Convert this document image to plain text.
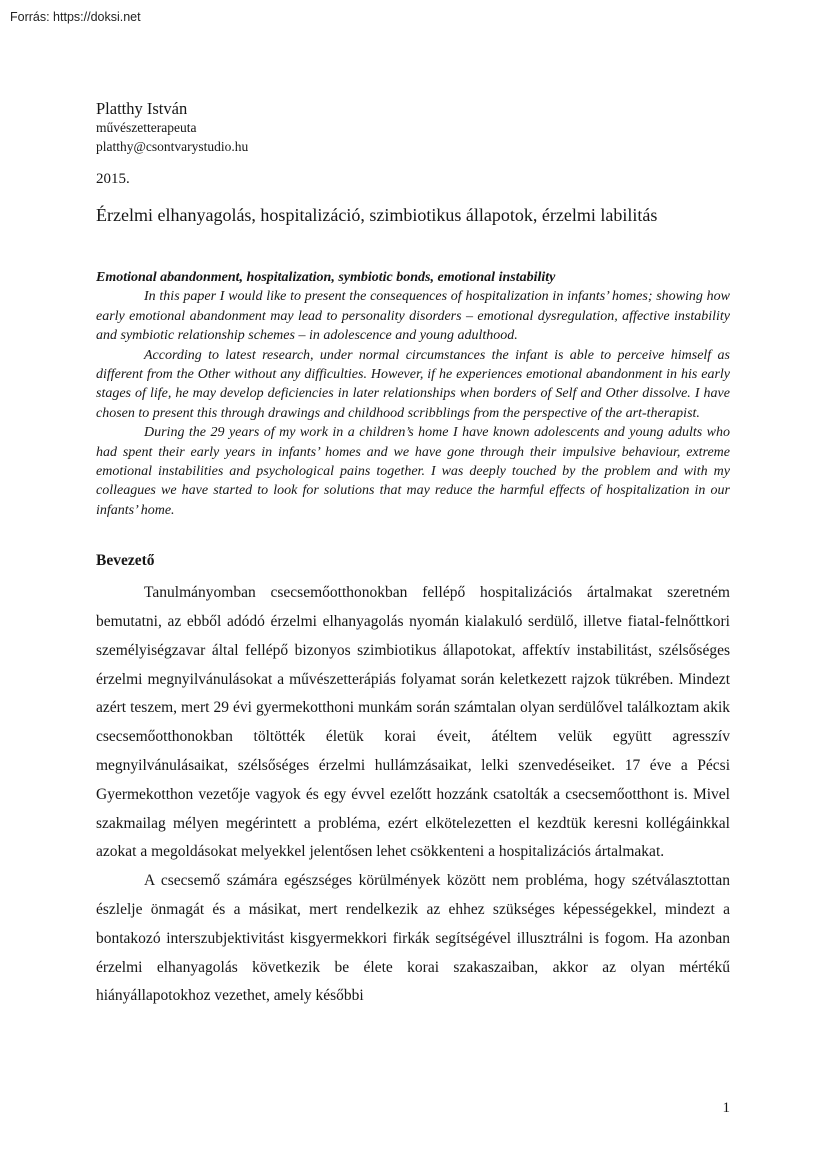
Forrás: https://doksi.net
Platthy István
művészetterapeuta
platthy@csontvarystudio.hu
2015.
Érzelmi elhanyagolás, hospitalizáció, szimbiotikus állapotok, érzelmi labilitás
Emotional abandonment, hospitalization, symbiotic bonds, emotional instability

In this paper I would like to present the consequences of hospitalization in infants’ homes; showing how early emotional abandonment may lead to personality disorders – emotional dysregulation, affective instability and symbiotic relationship schemes – in adolescence and young adulthood.

According to latest research, under normal circumstances the infant is able to perceive himself as different from the Other without any difficulties. However, if he experiences emotional abandonment in his early stages of life, he may develop deficiencies in later relationships when borders of Self and Other dissolve. I have chosen to present this through drawings and childhood scribblings from the perspective of the art-therapist.

During the 29 years of my work in a children’s home I have known adolescents and young adults who had spent their early years in infants’ homes and we have gone through their impulsive behaviour, extreme emotional instabilities and psychological pains together. I was deeply touched by the problem and with my colleagues we have started to look for solutions that may reduce the harmful effects of hospitalization in our infants’ home.

Bevezető

Tanulmányomban csecsemőotthonokban fellépő hospitalizációs ártalmakat szeretném bemutatni, az ebből adódó érzelmi elhanyagolás nyomán kialakuló serdülő, illetve fiatal-felnőttkori személyiségzavar által fellépő bizonyos szimbiotikus állapotokat, affektív instabilitást, szélsőséges érzelmi megnyilvánulásokat a művészetterápiás folyamat során keletkezett rajzok tükrében. Mindezt azért teszem, mert 29 évi gyermekotthoni munkám során számtalan olyan serdülővel találkoztam akik csecsemőotthonokban töltötték életük korai éveit, átéltem velük együtt agresszív megnyilvánulásaikat, szélsőséges érzelmi hullámzásaikat, lelki szenvedéseiket. 17 éve a Pécsi Gyermekotthon vezetője vagyok és egy évvel ezelőtt hozzánk csatolták a csecsemőotthont is. Mivel szakmailag mélyen megérintett a probléma, ezért elkötelezetten el kezdtük keresni kollégáinkkal azokat a megoldásokat melyekkel jelentősen lehet csökkenteni a hospitalizációs ártalmakat.

A csecsemő számára egészséges körülmények között nem probléma, hogy szétválasztottan észlelje önmagát és a másikat, mert rendelkezik az ehhez szükséges képességekkel, mindezt a bontakozó interszubjektivitást kisgyermekkori firkák segítségével illusztrálni is fogom. Ha azonban érzelmi elhanyagolás következik be élete korai szakaszaiban, akkor az olyan mértékű hiányállapotokhoz vezethet, amely későbbi

1
